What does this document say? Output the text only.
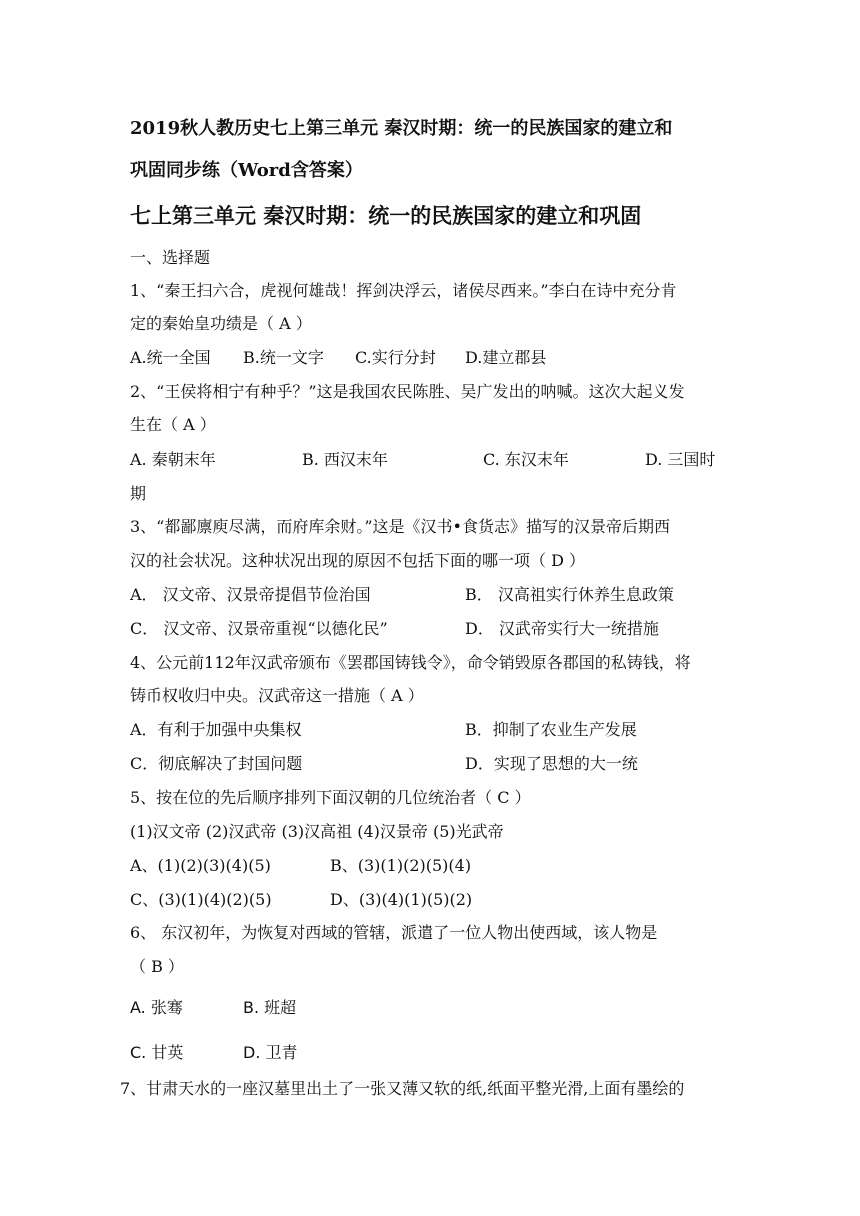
2019秋人教历史七上第三单元 秦汉时期：统一的民族国家的建立和
巩固同步练（Word含答案）
七上第三单元 秦汉时期：统一的民族国家的建立和巩固
一、选择题
1、“秦王扫六合，虎视何雄哉！挥剑决浮云，诸侯尽西来。”李白在诗中充分肯
定的秦始皇功绩是（ A ）
A.统一全国 B.统一文字 C.实行分封 D.建立郡县
2、“王侯将相宁有种乎？”这是我国农民陈胜、吴广发出的呐喊。这次大起义发
生在（ A ）
A. 秦朝末年	B. 西汉末年	C. 东汉末年	D. 三国时
期
3、“都鄙廪庾尽满，而府库余财。”这是《汉书•食货志》描写的汉景帝后期西
汉的社会状况。这种状况出现的原因不包括下面的哪一项（ D ）
A． 汉文帝、汉景帝提倡节俭治国	B． 汉高祖实行休养生息政策
C． 汉文帝、汉景帝重视“以德化民”	D． 汉武帝实行大一统措施
4、公元前112年汉武帝颁布《罢郡国铸钱令》，命令销毁原各郡国的私铸钱，将
铸币权收归中央。汉武帝这一措施（ A ）
A．有利于加强中央集权	B．抑制了农业生产发展
C．彻底解决了封国问题	D．实现了思想的大一统
5、按在位的先后顺序排列下面汉朝的几位统治者（ C ）
(1)汉文帝 (2)汉武帝 (3)汉高祖 (4)汉景帝 (5)光武帝
A、(1)(2)(3)(4)(5)	B、(3)(1)(2)(5)(4)
C、(3)(1)(4)(2)(5)	D、(3)(4)(1)(5)(2)
6、 东汉初年，为恢复对西域的管辖，派遣了一位人物出使西域，该人物是
（ B ）
A. 张骞	B. 班超
C. 甘英	D. 卫青
7、甘肃天水的一座汉墓里出土了一张又薄又软的纸,纸面平整光滑,上面有墨绘的
